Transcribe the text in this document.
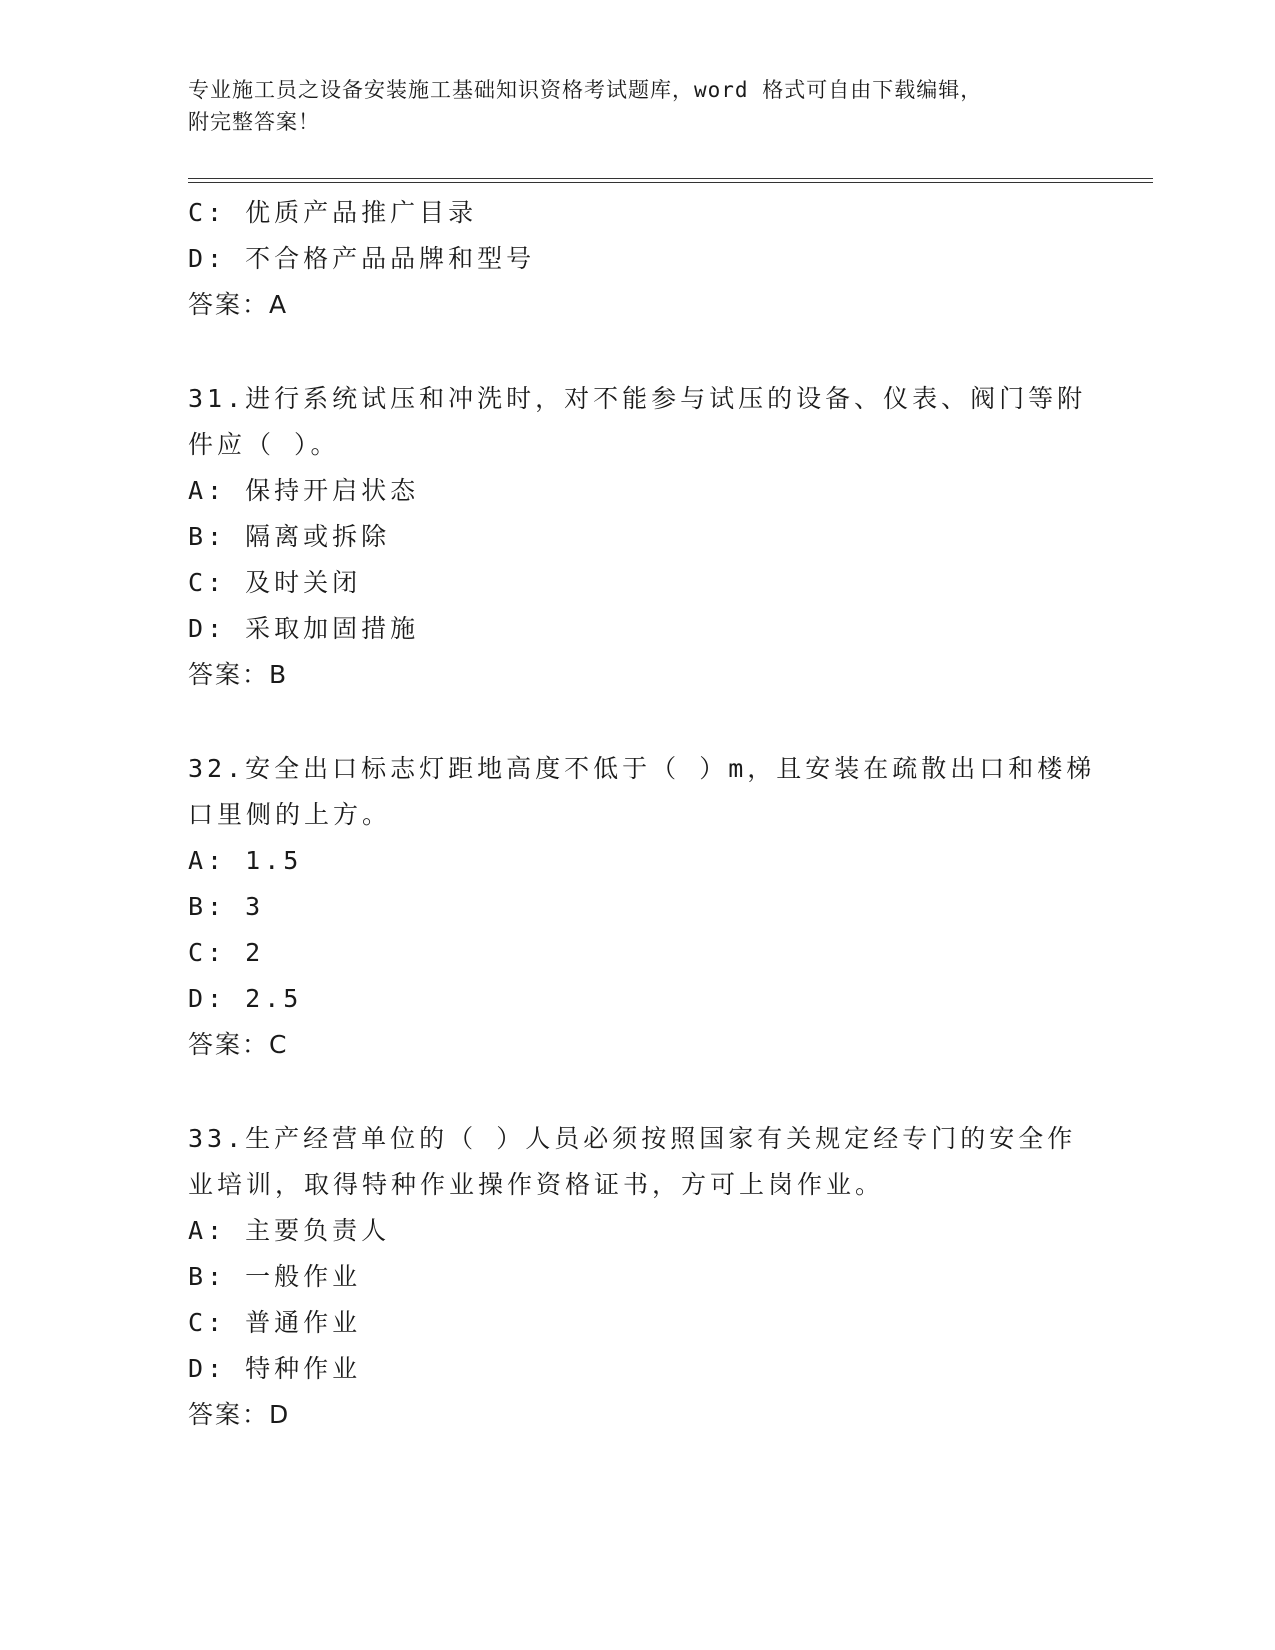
专业施工员之设备安装施工基础知识资格考试题库，word 格式可自由下载编辑，
附完整答案！
C: 优质产品推广目录
D: 不合格产品品牌和型号
答案：A
31.进行系统试压和冲洗时，对不能参与试压的设备、仪表、阀门等附
件应（ ）。
A: 保持开启状态
B: 隔离或拆除
C: 及时关闭
D: 采取加固措施
答案：B
32.安全出口标志灯距地高度不低于（ ）m，且安装在疏散出口和楼梯
口里侧的上方。
A: 1.5
B: 3
C: 2
D: 2.5
答案：C
33.生产经营单位的（ ）人员必须按照国家有关规定经专门的安全作
业培训，取得特种作业操作资格证书，方可上岗作业。
A: 主要负责人
B: 一般作业
C: 普通作业
D: 特种作业
答案：D
